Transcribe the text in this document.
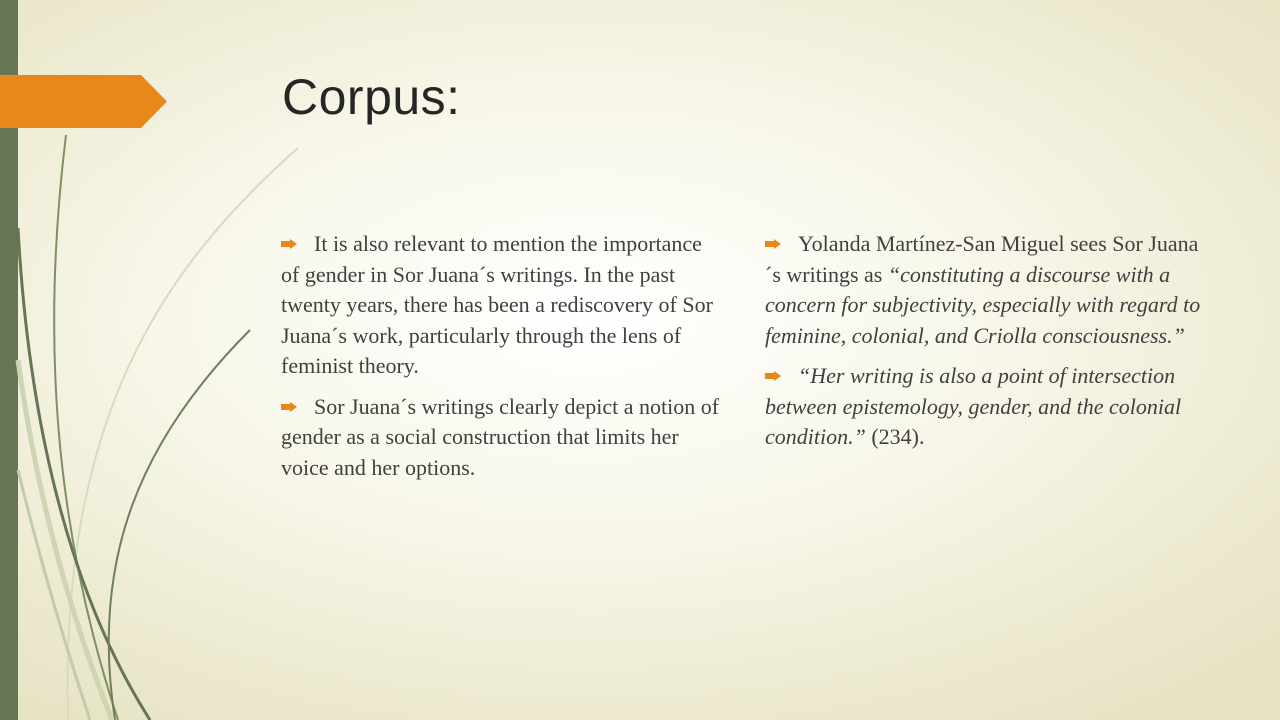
Corpus:

It is also relevant to mention the importance of gender in Sor Juana´s writings. In the past twenty years, there has been a rediscovery of Sor Juana´s work, particularly through the lens of feminist theory.

Sor Juana´s writings clearly depict a notion of gender as a social construction that limits her voice and her options.

Yolanda Martínez-San Miguel sees Sor Juana´s writings as “constituting a discourse with a concern for subjectivity, especially with regard to feminine, colonial, and Criolla consciousness.”

“Her writing is also a point of intersection between epistemology, gender, and the colonial condition.” (234).
